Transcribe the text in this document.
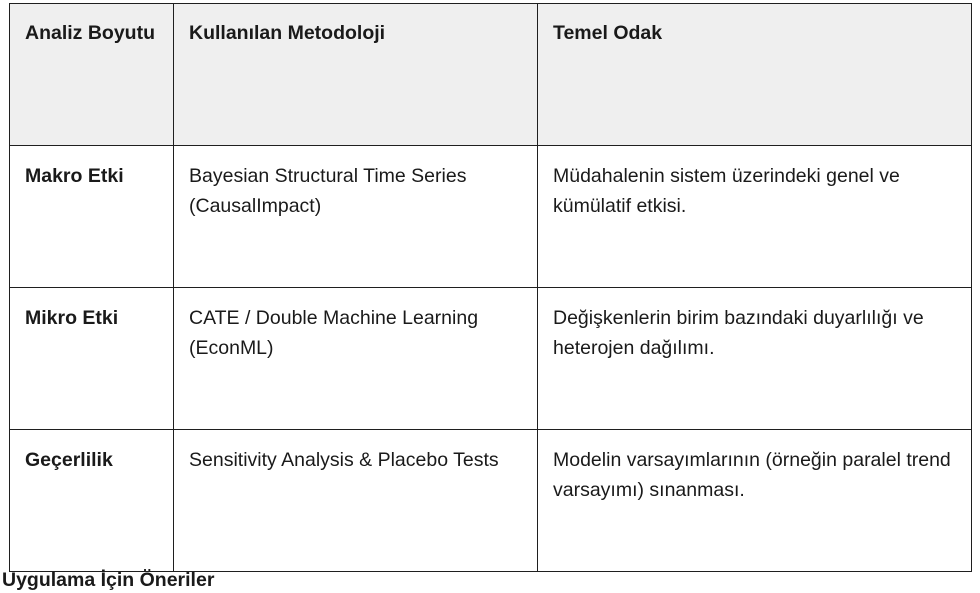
Analiz Boyutu	Kullanılan Metodoloji	Temel Odak
Makro Etki	Bayesian Structural Time Series (CausalImpact)	Müdahalenin sistem üzerindeki genel ve kümülatif etkisi.
Mikro Etki	CATE / Double Machine Learning (EconML)	Değişkenlerin birim bazındaki duyarlılığı ve heterojen dağılımı.
Geçerlilik	Sensitivity Analysis & Placebo Tests	Modelin varsayımlarının (örneğin paralel trend varsayımı) sınanması.
Uygulama İçin Öneriler
